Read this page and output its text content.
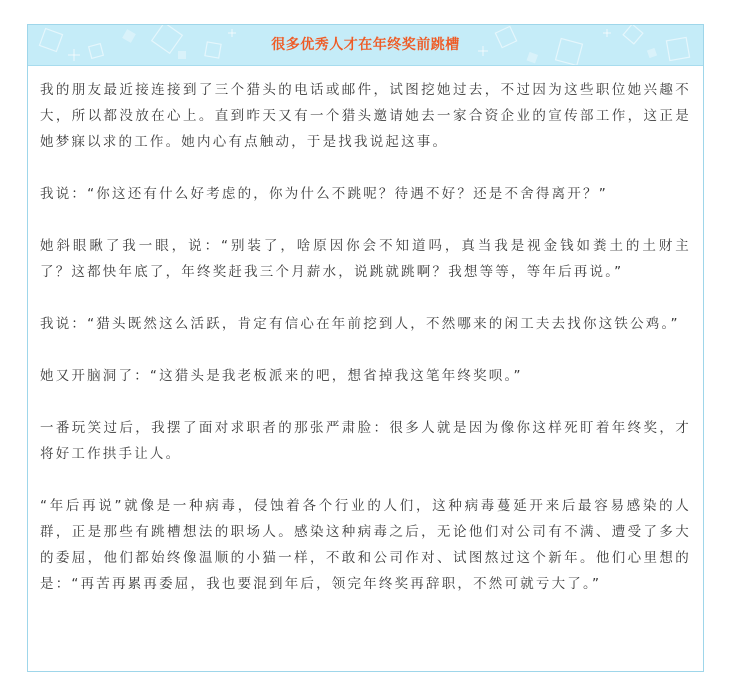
很多优秀人才在年终奖前跳槽

我的朋友最近接连接到了三个猎头的电话或邮件，试图挖她过去，不过因为这些职位她兴趣不大，所以都没放在心上。直到昨天又有一个猎头邀请她去一家合资企业的宣传部工作，这正是她梦寐以求的工作。她内心有点触动，于是找我说起这事。

我说：“你这还有什么好考虑的，你为什么不跳呢？待遇不好？还是不舍得离开？”

她斜眼瞅了我一眼，说：“别装了，啥原因你会不知道吗，真当我是视金钱如粪土的土财主了？这都快年底了，年终奖赶我三个月薪水，说跳就跳啊？我想等等，等年后再说。”

我说：“猎头既然这么活跃，肯定有信心在年前挖到人，不然哪来的闲工夫去找你这铁公鸡。”

她又开脑洞了：“这猎头是我老板派来的吧，想省掉我这笔年终奖呗。”

一番玩笑过后，我摆了面对求职者的那张严肃脸：很多人就是因为像你这样死盯着年终奖，才将好工作拱手让人。

“年后再说”就像是一种病毒，侵蚀着各个行业的人们，这种病毒蔓延开来后最容易感染的人群，正是那些有跳槽想法的职场人。感染这种病毒之后，无论他们对公司有不满、遭受了多大的委屈，他们都始终像温顺的小猫一样，不敢和公司作对、试图熬过这个新年。他们心里想的是：“再苦再累再委屈，我也要混到年后，领完年终奖再辞职，不然可就亏大了。”
